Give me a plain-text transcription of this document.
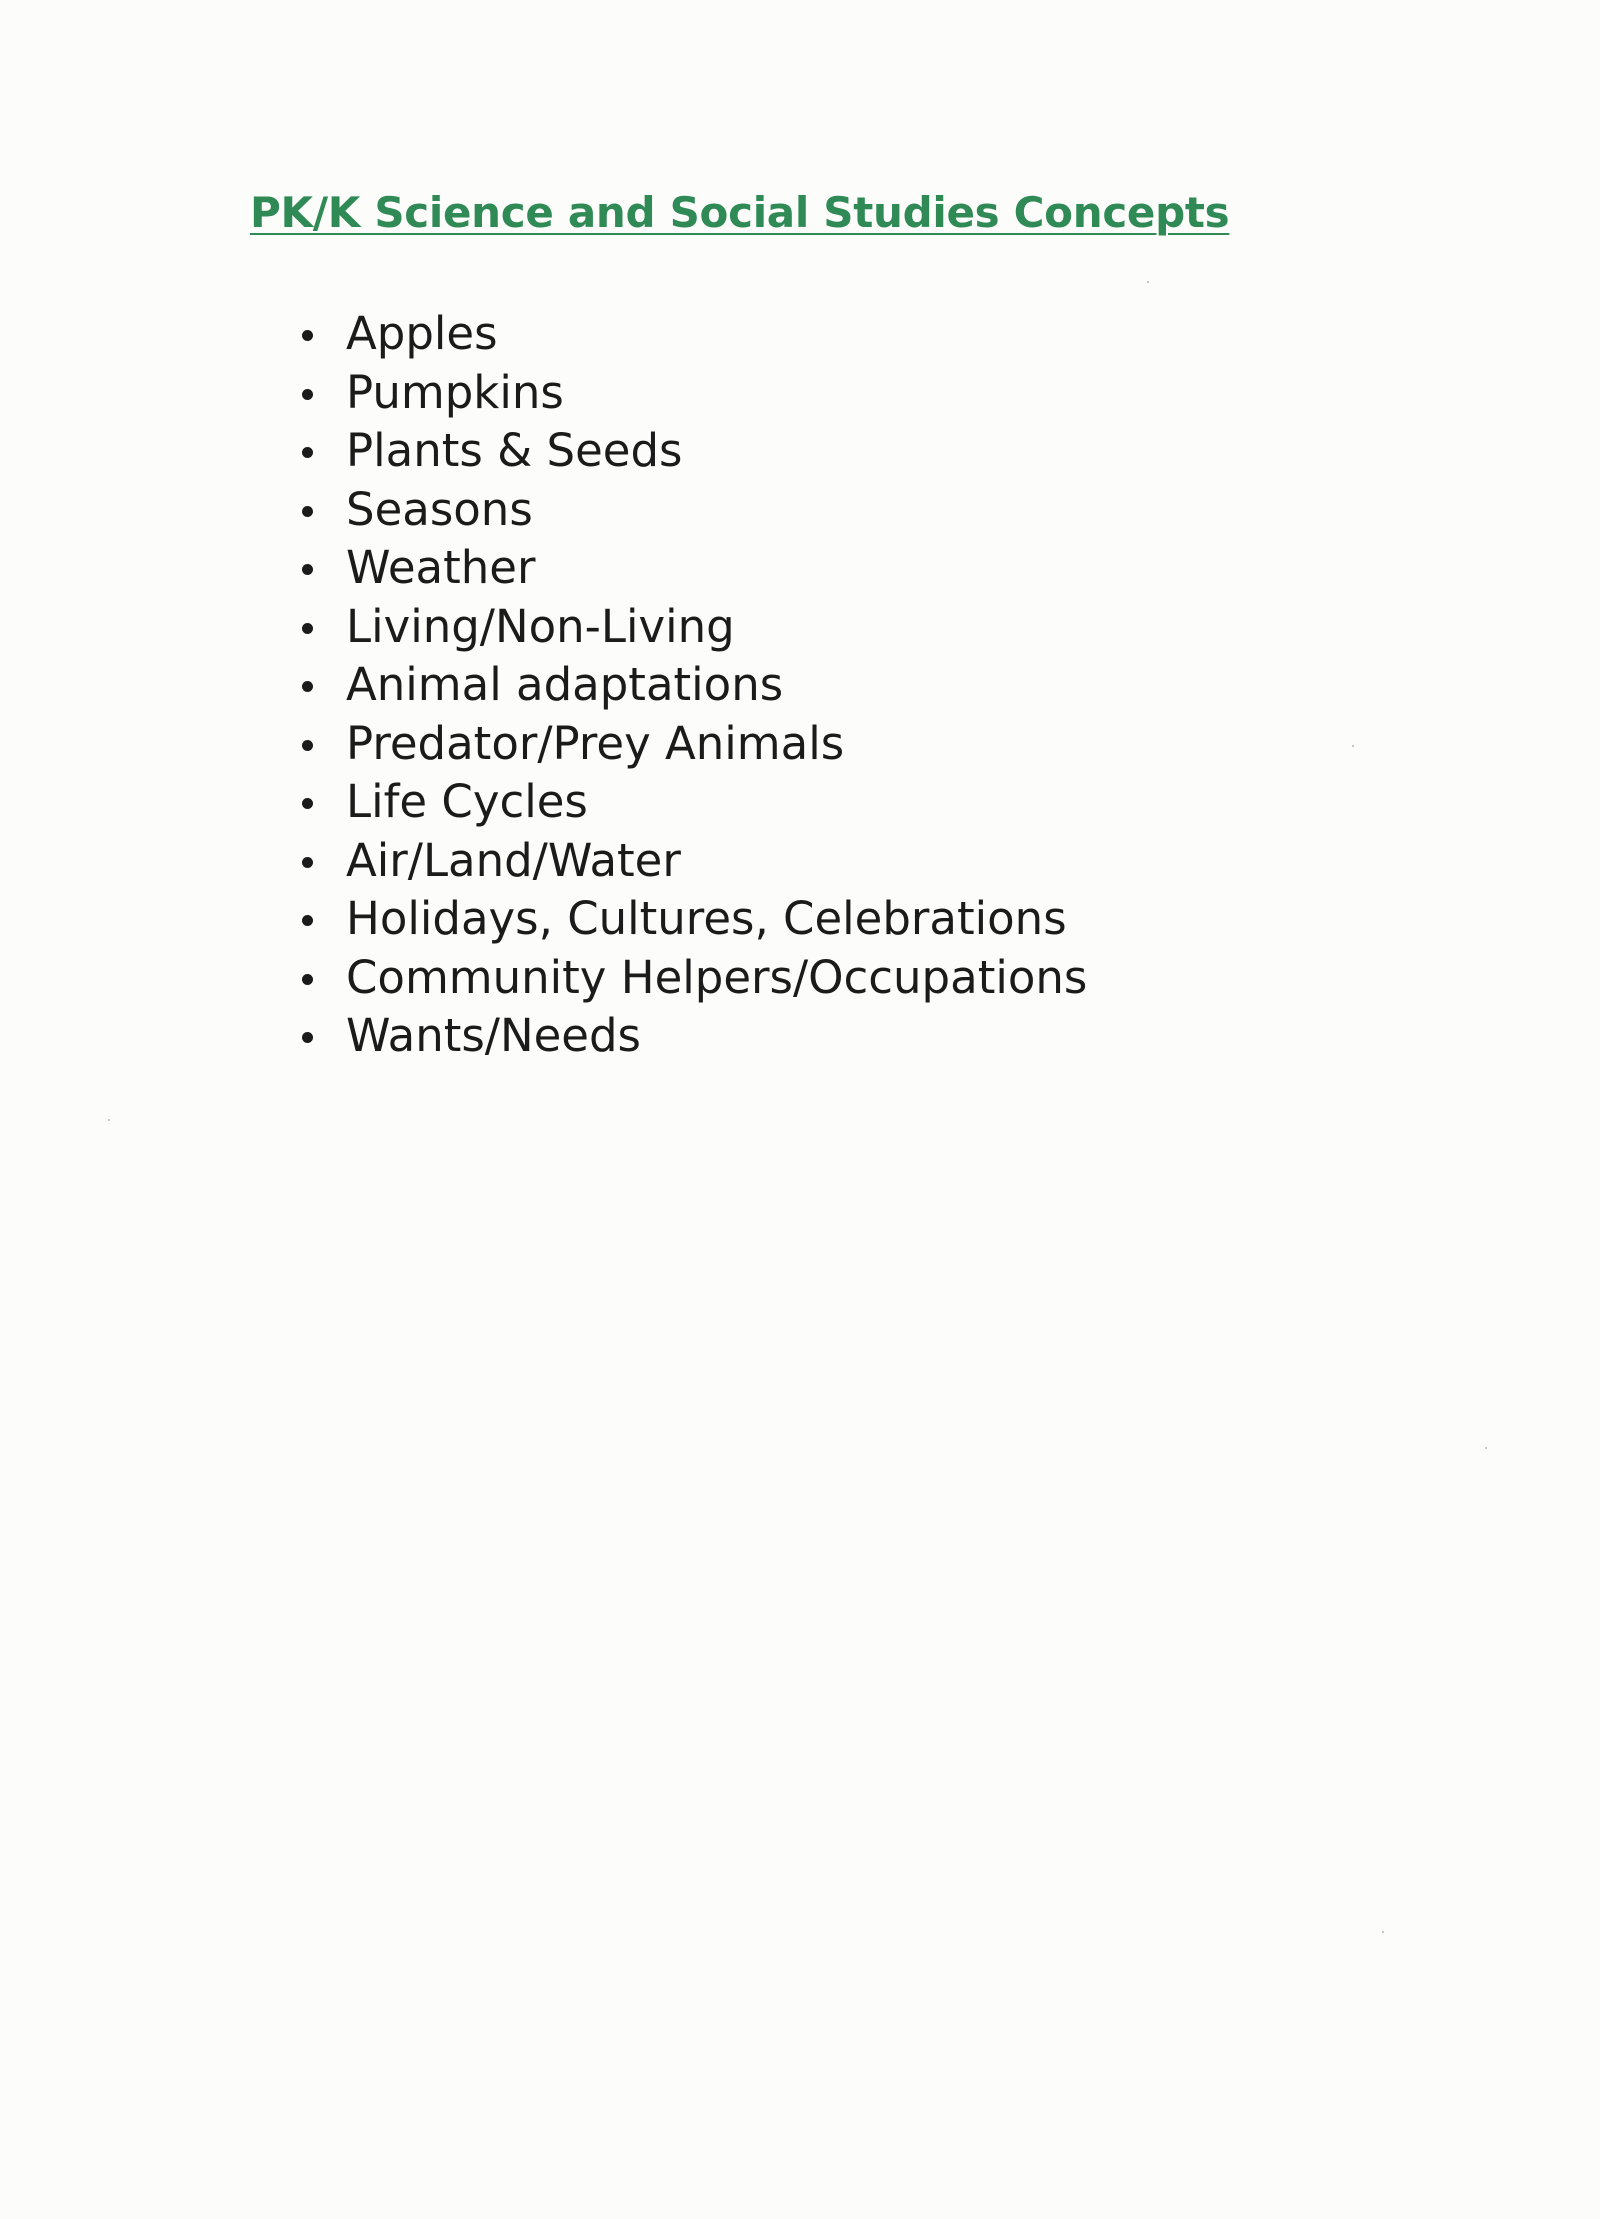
PK/K Science and Social Studies Concepts
Apples
Pumpkins
Plants & Seeds
Seasons
Weather
Living/Non-Living
Animal adaptations
Predator/Prey Animals
Life Cycles
Air/Land/Water
Holidays, Cultures, Celebrations
Community Helpers/Occupations
Wants/Needs
